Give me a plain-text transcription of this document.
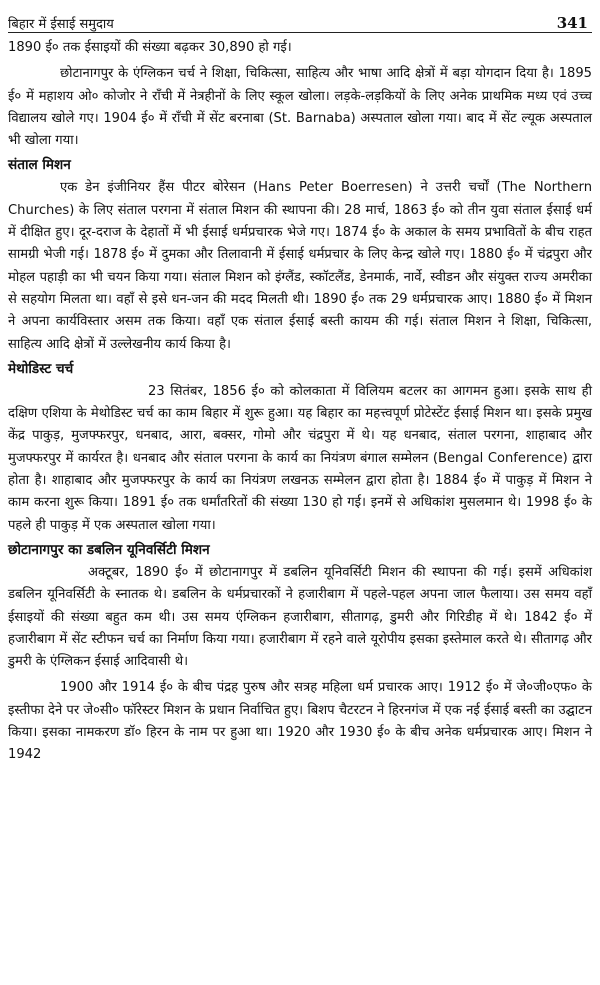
बिहार में ईसाई समुदाय	341

1890 ई० तक ईसाइयों की संख्या बढ़कर 30,890 हो गई।

छोटानागपुर के एंग्लिकन चर्च ने शिक्षा, चिकित्सा, साहित्य और भाषा आदि क्षेत्रों में बड़ा योगदान दिया है। 1895 ई० में महाशय ओ० कोजोर ने राँची में नेत्रहीनों के लिए स्कूल खोला। लड़के-लड़कियों के लिए अनेक प्राथमिक मध्य एवं उच्च विद्यालय खोले गए। 1904 ई० में राँची में सेंट बरनाबा (St. Barnaba) अस्पताल खोला गया। बाद में सेंट ल्यूक अस्पताल भी खोला गया।

संताल मिशन

एक डेन इंजीनियर हैंस पीटर बोरेसन (Hans Peter Boerresen) ने उत्तरी चर्चों (The Northern Churches) के लिए संताल परगना में संताल मिशन की स्थापना की। 28 मार्च, 1863 ई० को तीन युवा संताल ईसाई धर्म में दीक्षित हुए। दूर-दराज के देहातों में भी ईसाई धर्मप्रचारक भेजे गए। 1874 ई० के अकाल के समय प्रभावितों के बीच राहत सामग्री भेजी गई। 1878 ई० में दुमका और तिलावानी में ईसाई धर्मप्रचार के लिए केन्द्र खोले गए। 1880 ई० में चंद्रपुरा और मोहल पहाड़ी का भी चयन किया गया। संताल मिशन को इंग्लैंड, स्कॉटलैंड, डेनमार्क, नार्वे, स्वीडन और संयुक्त राज्य अमरीका से सहयोग मिलता था। वहाँ से इसे धन-जन की मदद मिलती थी। 1890 ई० तक 29 धर्मप्रचारक आए। 1880 ई० में मिशन ने अपना कार्यविस्तार असम तक किया। वहाँ एक संताल ईसाई बस्ती कायम की गई। संताल मिशन ने शिक्षा, चिकित्सा, साहित्य आदि क्षेत्रों में उल्लेखनीय कार्य किया है।

मेथोडिस्ट चर्च

23 सितंबर, 1856 ई० को कोलकाता में विलियम बटलर का आगमन हुआ। इसके साथ ही दक्षिण एशिया के मेथोडिस्ट चर्च का काम बिहार में शुरू हुआ। यह बिहार का महत्त्वपूर्ण प्रोटेस्टेंट ईसाई मिशन था। इसके प्रमुख केंद्र पाकुड़, मुजफ्फरपुर, धनबाद, आरा, बक्सर, गोमो और चंद्रपुरा में थे। यह धनबाद, संताल परगना, शाहाबाद और मुजफ्फरपुर में कार्यरत है। धनबाद और संताल परगना के कार्य का नियंत्रण बंगाल सम्मेलन (Bengal Conference) द्वारा होता है। शाहाबाद और मुजफ्फरपुर के कार्य का नियंत्रण लखनऊ सम्मेलन द्वारा होता है। 1884 ई० में पाकुड़ में मिशन ने काम करना शुरू किया। 1891 ई० तक धर्मांतरितों की संख्या 130 हो गई। इनमें से अधिकांश मुसलमान थे। 1998 ई० के पहले ही पाकुड़ में एक अस्पताल खोला गया।

छोटानागपुर का डबलिन यूनिवर्सिटी मिशन

अक्टूबर, 1890 ई० में छोटानागपुर में डबलिन यूनिवर्सिटी मिशन की स्थापना की गई। इसमें अधिकांश डबलिन यूनिवर्सिटी के स्नातक थे। डबलिन के धर्मप्रचारकों ने हजारीबाग में पहले-पहल अपना जाल फैलाया। उस समय वहाँ ईसाइयों की संख्या बहुत कम थी। उस समय एंग्लिकन हजारीबाग, सीतागढ़, डुमरी और गिरिडीह में थे। 1842 ई० में हजारीबाग में सेंट स्टीफन चर्च का निर्माण किया गया। हजारीबाग में रहने वाले यूरोपीय इसका इस्तेमाल करते थे। सीतागढ़ और डुमरी के एंग्लिकन ईसाई आदिवासी थे।

1900 और 1914 ई० के बीच पंद्रह पुरुष और सत्रह महिला धर्म प्रचारक आए। 1912 ई० में जे०जी०एफ० के इस्तीफा देने पर जे०सी० फॉरेस्टर मिशन के प्रधान निर्वाचित हुए। बिशप चैटरटन ने हिरनगंज में एक नई ईसाई बस्ती का उद्घाटन किया। इसका नामकरण डॉ० हिरन के नाम पर हुआ था। 1920 और 1930 ई० के बीच अनेक धर्मप्रचारक आए। मिशन ने 1942
